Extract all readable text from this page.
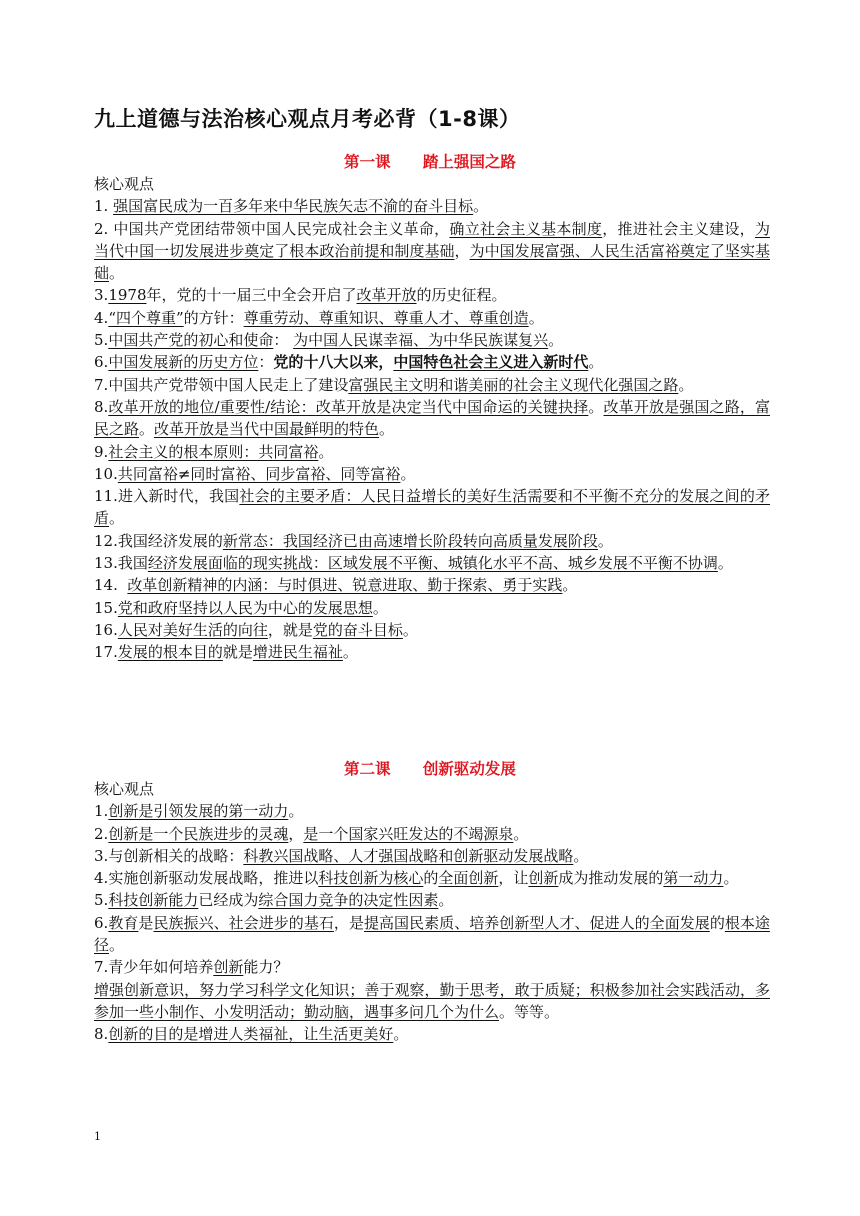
九上道德与法治核心观点月考必背（1-8课）
第一课      踏上强国之路

核心观点

1. 强国富民成为一百多年来中华民族矢志不渝的奋斗目标。

2. 中国共产党团结带领中国人民完成社会主义革命，确立社会主义基本制度，推进社会主义建设，为当代中国一切发展进步奠定了根本政治前提和制度基础，为中国发展富强、人民生活富裕奠定了坚实基础。

3.1978年，党的十一届三中全会开启了改革开放的历史征程。

4.“四个尊重”的方针：尊重劳动、尊重知识、尊重人才、尊重创造。

5.中国共产党的初心和使命： 为中国人民谋幸福、为中华民族谋复兴。

6.中国发展新的历史方位：党的十八大以来，中国特色社会主义进入新时代。

7.中国共产党带领中国人民走上了建设富强民主文明和谐美丽的社会主义现代化强国之路。

8.改革开放的地位/重要性/结论：改革开放是决定当代中国命运的关键抉择。改革开放是强国之路，富民之路。改革开放是当代中国最鲜明的特色。

9.社会主义的根本原则：共同富裕。

10.共同富裕≠同时富裕、同步富裕、同等富裕。

11.进入新时代，我国社会的主要矛盾：人民日益增长的美好生活需要和不平衡不充分的发展之间的矛盾。

12.我国经济发展的新常态：我国经济已由高速增长阶段转向高质量发展阶段。

13.我国经济发展面临的现实挑战：区域发展不平衡、城镇化水平不高、城乡发展不平衡不协调。

14. 改革创新精神的内涵：与时俱进、锐意进取、勤于探索、勇于实践。

15.党和政府坚持以人民为中心的发展思想。

16.人民对美好生活的向往，就是党的奋斗目标。

17.发展的根本目的就是增进民生福祉。

第二课      创新驱动发展

核心观点

1.创新是引领发展的第一动力。

2.创新是一个民族进步的灵魂，是一个国家兴旺发达的不竭源泉。

3.与创新相关的战略：科教兴国战略、人才强国战略和创新驱动发展战略。

4.实施创新驱动发展战略，推进以科技创新为核心的全面创新，让创新成为推动发展的第一动力。

5.科技创新能力已经成为综合国力竞争的决定性因素。

6.教育是民族振兴、社会进步的基石，是提高国民素质、培养创新型人才、促进人的全面发展的根本途径。

7.青少年如何培养创新能力？

增强创新意识，努力学习科学文化知识；善于观察，勤于思考，敢于质疑；积极参加社会实践活动，多参加一些小制作、小发明活动；勤动脑，遇事多问几个为什么。等等。

8.创新的目的是增进人类福祉，让生活更美好。

1
